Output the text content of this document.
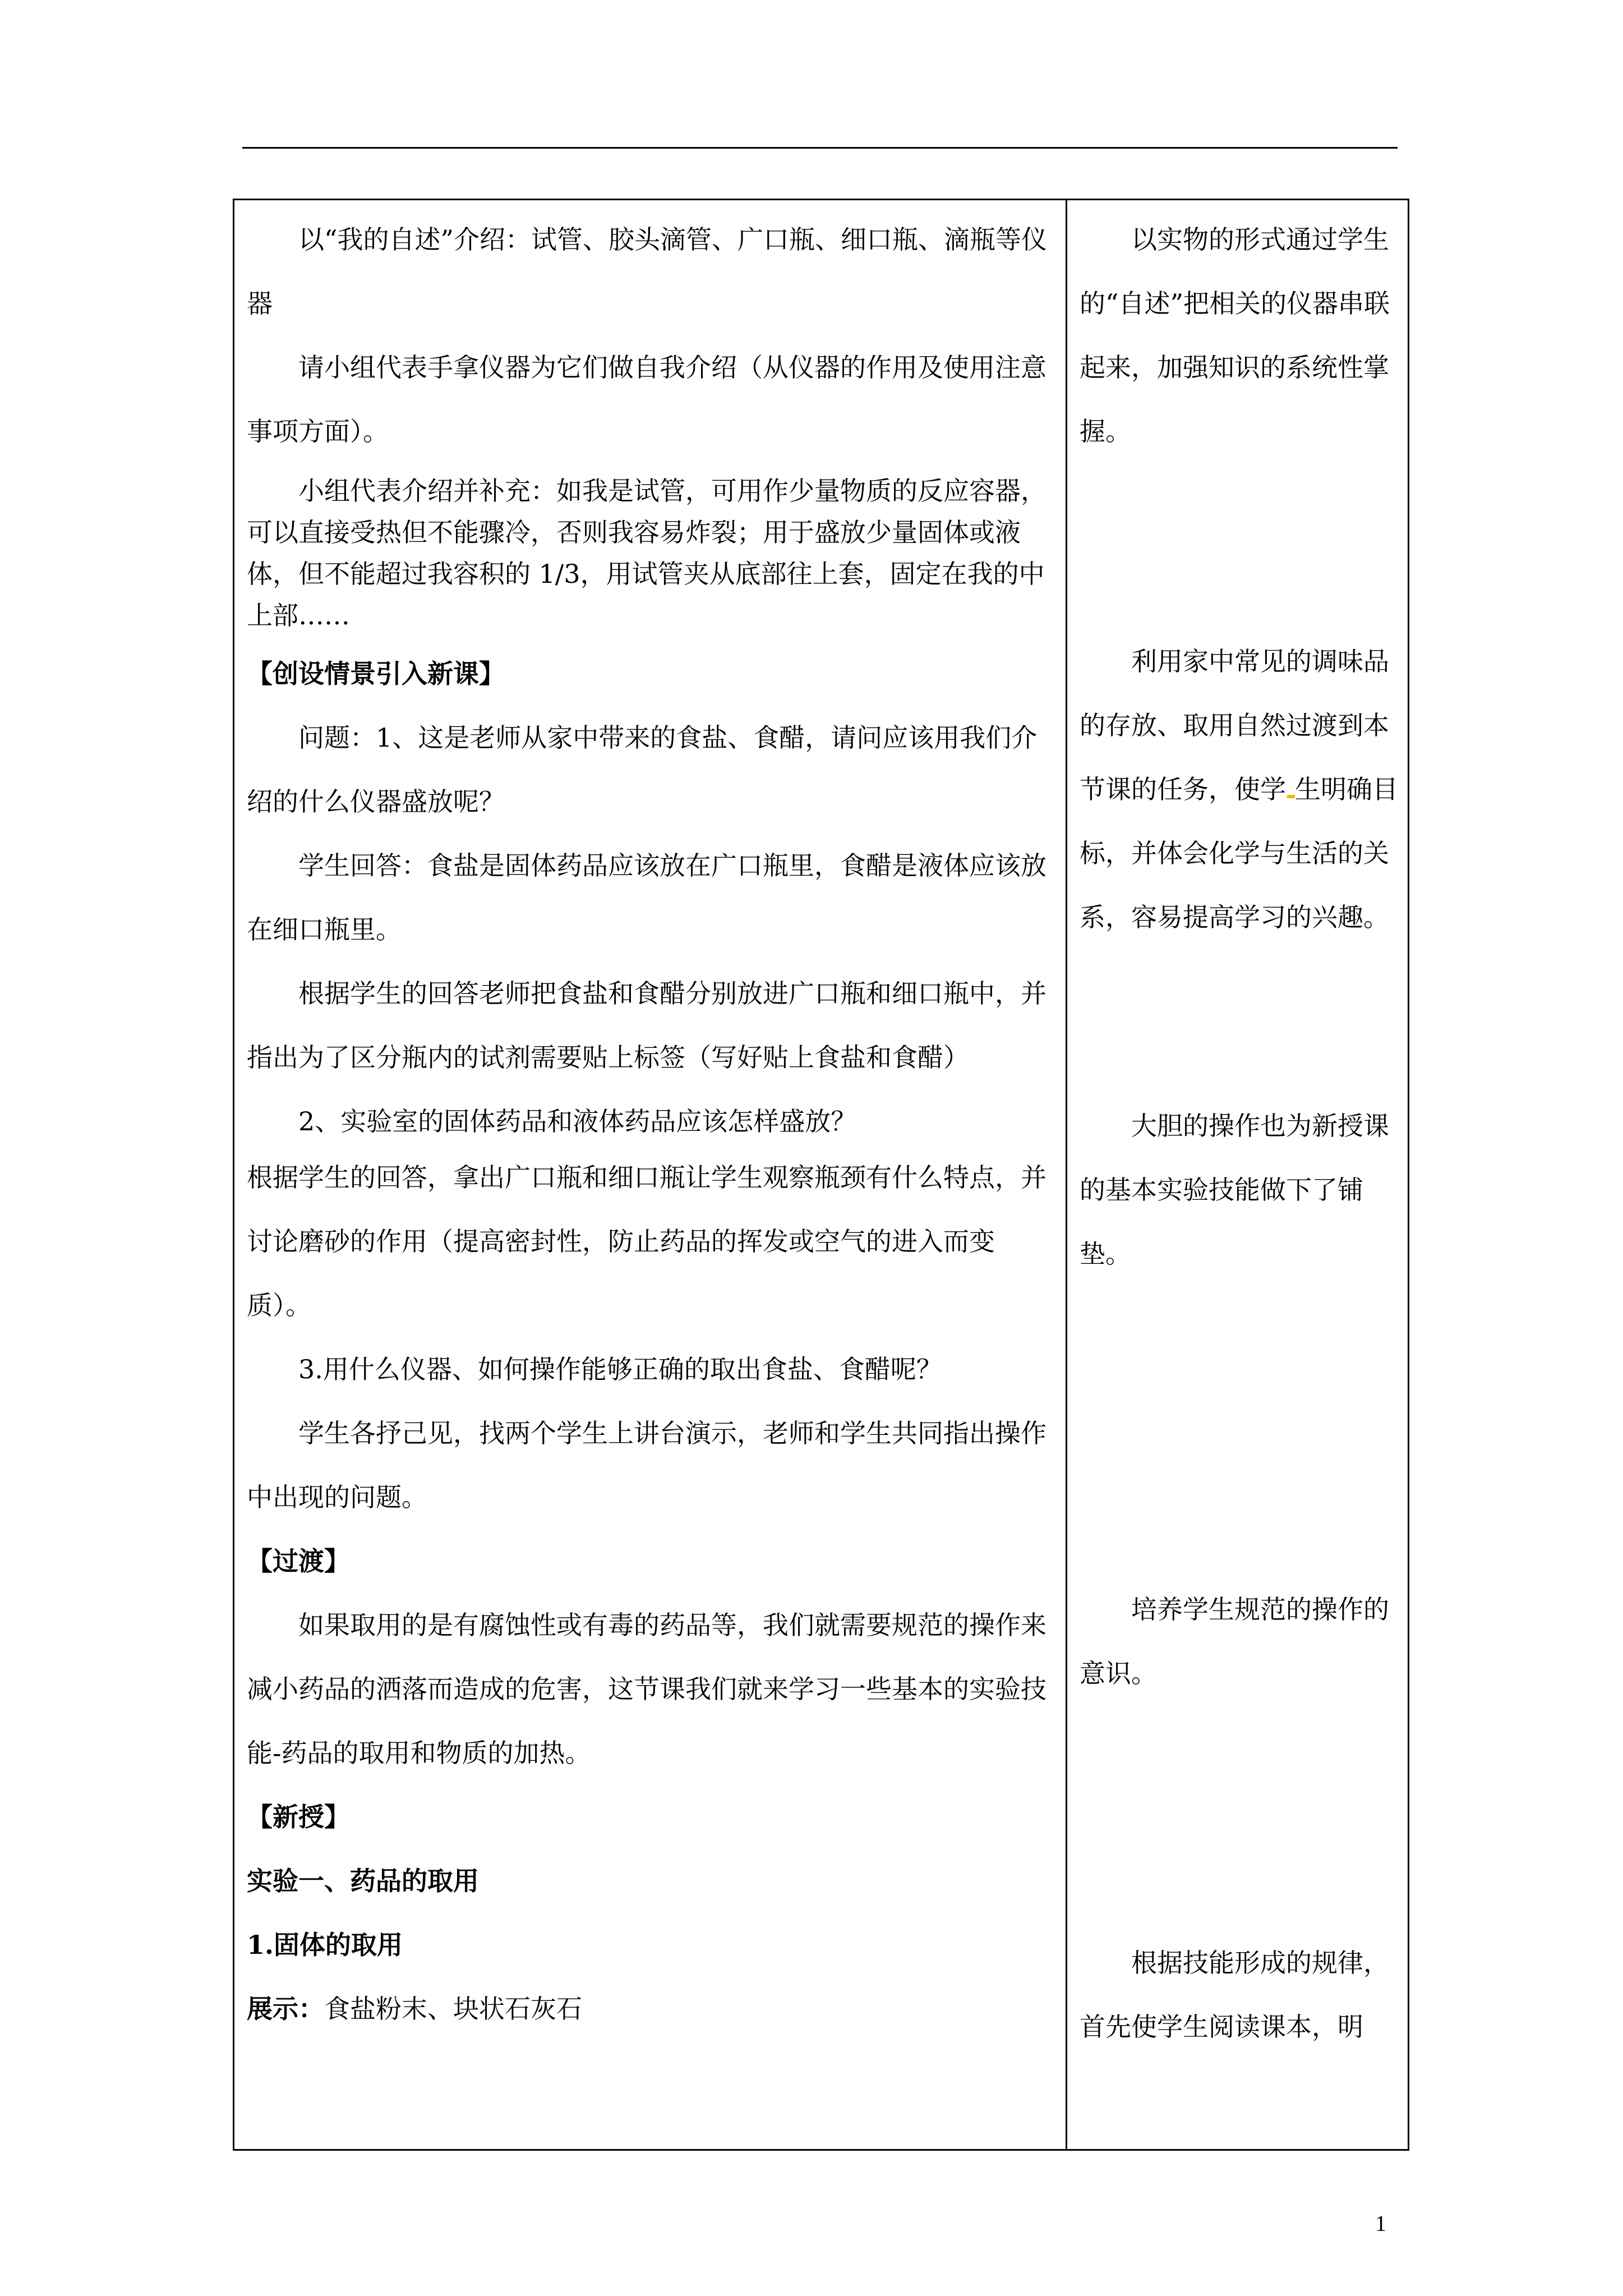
以“我的自述”介绍：试管、胶头滴管、广口瓶、细口瓶、滴瓶等仪器

请小组代表手拿仪器为它们做自我介绍（从仪器的作用及使用注意事项方面）。

小组代表介绍并补充：如我是试管，可用作少量物质的反应容器，可以直接受热但不能骤冷，否则我容易炸裂；用于盛放少量固体或液体，但不能超过我容积的 1/3，用试管夹从底部往上套，固定在我的中上部……

【创设情景引入新课】

问题：1、这是老师从家中带来的食盐、食醋，请问应该用我们介绍的什么仪器盛放呢？

学生回答：食盐是固体药品应该放在广口瓶里，食醋是液体应该放在细口瓶里。

根据学生的回答老师把食盐和食醋分别放进广口瓶和细口瓶中，并指出为了区分瓶内的试剂需要贴上标签（写好贴上食盐和食醋）

2、实验室的固体药品和液体药品应该怎样盛放？

根据学生的回答，拿出广口瓶和细口瓶让学生观察瓶颈有什么特点，并讨论磨砂的作用（提高密封性，防止药品的挥发或空气的进入而变质）。

3.用什么仪器、如何操作能够正确的取出食盐、食醋呢？

学生各抒己见，找两个学生上讲台演示，老师和学生共同指出操作中出现的问题。

【过渡】

如果取用的是有腐蚀性或有毒的药品等，我们就需要规范的操作来减小药品的洒落而造成的危害，这节课我们就来学习一些基本的实验技能-药品的取用和物质的加热。

【新授】

实验一、药品的取用

1.固体的取用

展示：食盐粉末、块状石灰石

以实物的形式通过学生的“自述”把相关的仪器串联起来，加强知识的系统性掌握。

利用家中常见的调味品的存放、取用自然过渡到本节课的任务，使学 生明确目标，并体会化学与生活的关系，容易提高学习的兴趣。

大胆的操作也为新授课的基本实验技能做下了铺垫。

培养学生规范的操作的意识。

根据技能形成的规律，首先使学生阅读课本，明

1
